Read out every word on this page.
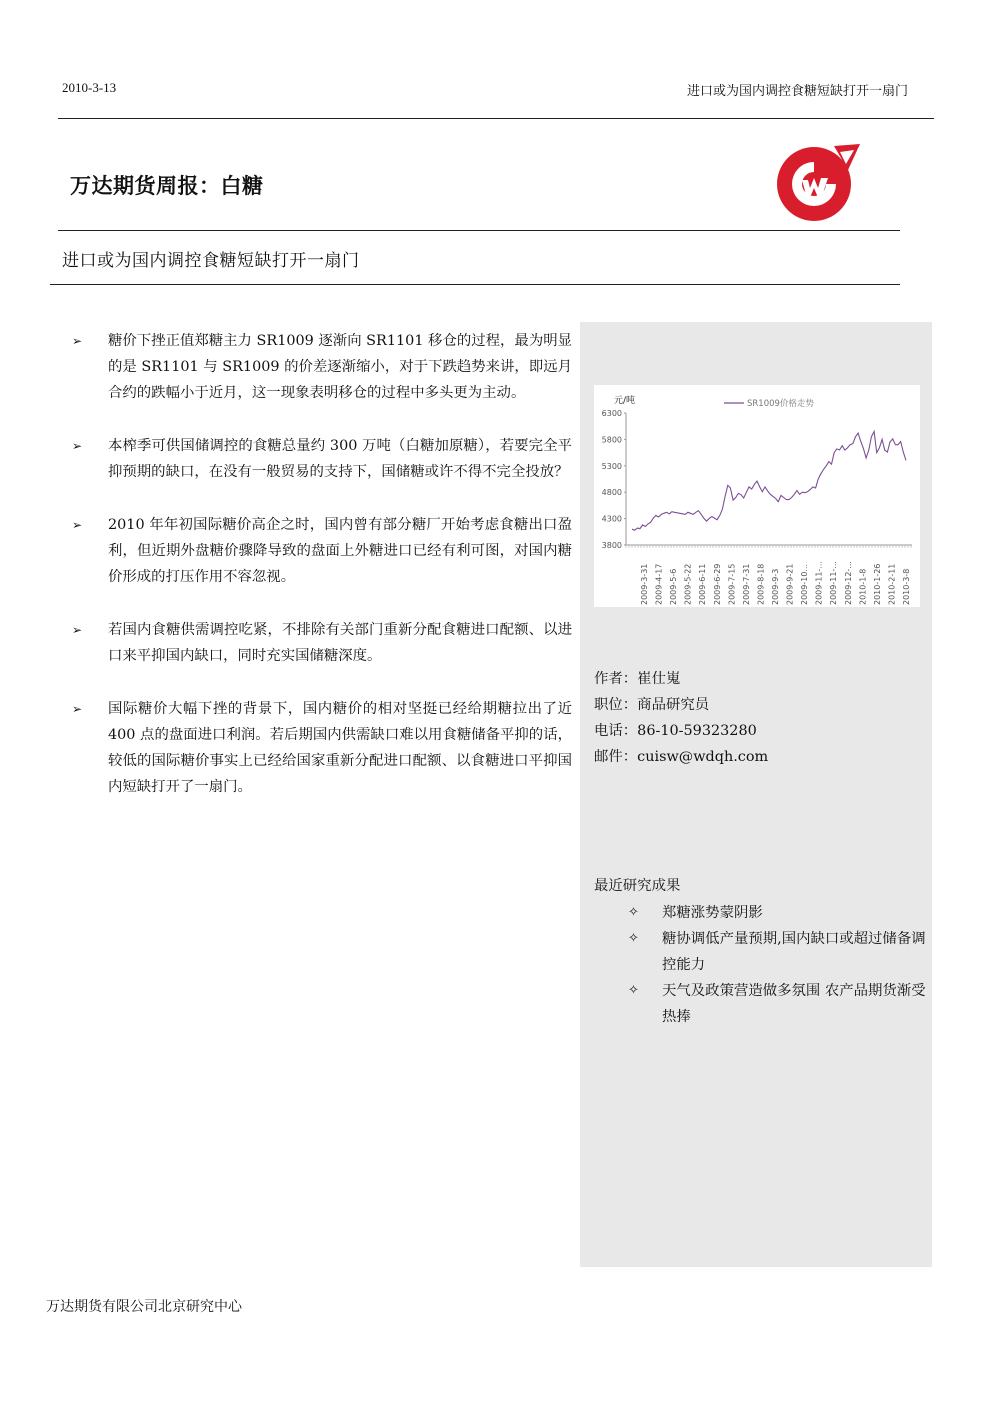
2010-3-13	进口或为国内调控食糖短缺打开一扇门
万达期货周报：白糖
进口或为国内调控食糖短缺打开一扇门
➢ 糖价下挫正值郑糖主力 SR1009 逐渐向 SR1101 移仓的过程，最为明显的是 SR1101 与 SR1009 的价差逐渐缩小，对于下跌趋势来讲，即远月合约的跌幅小于近月，这一现象表明移仓的过程中多头更为主动。
➢ 本榨季可供国储调控的食糖总量约 300 万吨（白糖加原糖），若要完全平抑预期的缺口，在没有一般贸易的支持下，国储糖或许不得不完全投放？
➢ 2010 年年初国际糖价高企之时，国内曾有部分糖厂开始考虑食糖出口盈利，但近期外盘糖价骤降导致的盘面上外糖进口已经有利可图，对国内糖价形成的打压作用不容忽视。
➢ 若国内食糖供需调控吃紧，不排除有关部门重新分配食糖进口配额、以进口来平抑国内缺口，同时充实国储糖深度。
➢ 国际糖价大幅下挫的背景下，国内糖价的相对坚挺已经给期糖拉出了近 400 点的盘面进口利润。若后期国内供需缺口难以用食糖储备平抑的话，较低的国际糖价事实上已经给国家重新分配进口配额、以食糖进口平抑国内短缺打开了一扇门。
元/吨
3800
4300
4800
5300
5800
6300
2009-3-31 2009-4-17 2009-5-6 2009-5-22 2009-6-11 2009-6-29 2009-7-15 2009-7-31 2009-8-18 2009-9-3 2009-9-21 2009-10... 2009-11-... 2009-11-... 2009-12-... 2010-1-8 2010-1-26 2010-2-11 2010-3-8
SR1009价格走势
作者：崔仕嵬
职位：商品研究员
电话：86-10-59323280
邮件：cuisw@wdqh.com
最近研究成果
✧ 郑糖涨势蒙阴影
✧ 糖协调低产量预期,国内缺口或超过储备调控能力
✧ 天气及政策营造做多氛围 农产品期货渐受热捧
万达期货有限公司北京研究中心
